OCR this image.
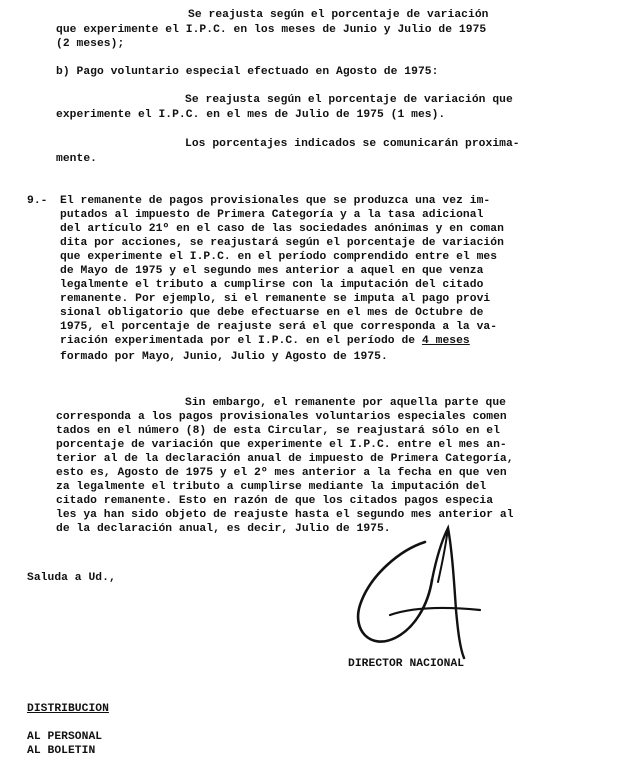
Se reajusta según el porcentaje de variación
que experimente el I.P.C. en los meses de Junio y Julio de 1975
(2 meses);
b) Pago voluntario especial efectuado en Agosto de 1975:
Se reajusta según el porcentaje de variación que
experimente el I.P.C. en el mes de Julio de 1975 (1 mes).
Los porcentajes indicados se comunicarán proxima-
mente.
9.- El remanente de pagos provisionales que se produzca una vez im-
putados al impuesto de Primera Categoría y a la tasa adicional
del artículo 21º en el caso de las sociedades anónimas y en coman
dita por acciones, se reajustará según el porcentaje de variación
que experimente el I.P.C. en el período comprendido entre el mes
de Mayo de 1975 y el segundo mes anterior a aquel en que venza
legalmente el tributo a cumplirse con la imputación del citado
remanente. Por ejemplo, si el remanente se imputa al pago provi
sional obligatorio que debe efectuarse en el mes de Octubre de
1975, el porcentaje de reajuste será el que corresponda a la va-
riación experimentada por el I.P.C. en el período de 4 meses
formado por Mayo, Junio, Julio y Agosto de 1975.
Sin embargo, el remanente por aquella parte que
corresponda a los pagos provisionales voluntarios especiales comen
tados en el número (8) de esta Circular, se reajustará sólo en el
porcentaje de variación que experimente el I.P.C. entre el mes an-
terior al de la declaración anual de impuesto de Primera Categoría,
esto es, Agosto de 1975 y el 2º mes anterior a la fecha en que ven
za legalmente el tributo a cumplirse mediante la imputación del
citado remanente. Esto en razón de que los citados pagos especia
les ya han sido objeto de reajuste hasta el segundo mes anterior al
de la declaración anual, es decir, Julio de 1975.
Saluda a Ud.,
DIRECTOR NACIONAL
DISTRIBUCION
AL PERSONAL
AL BOLETIN
